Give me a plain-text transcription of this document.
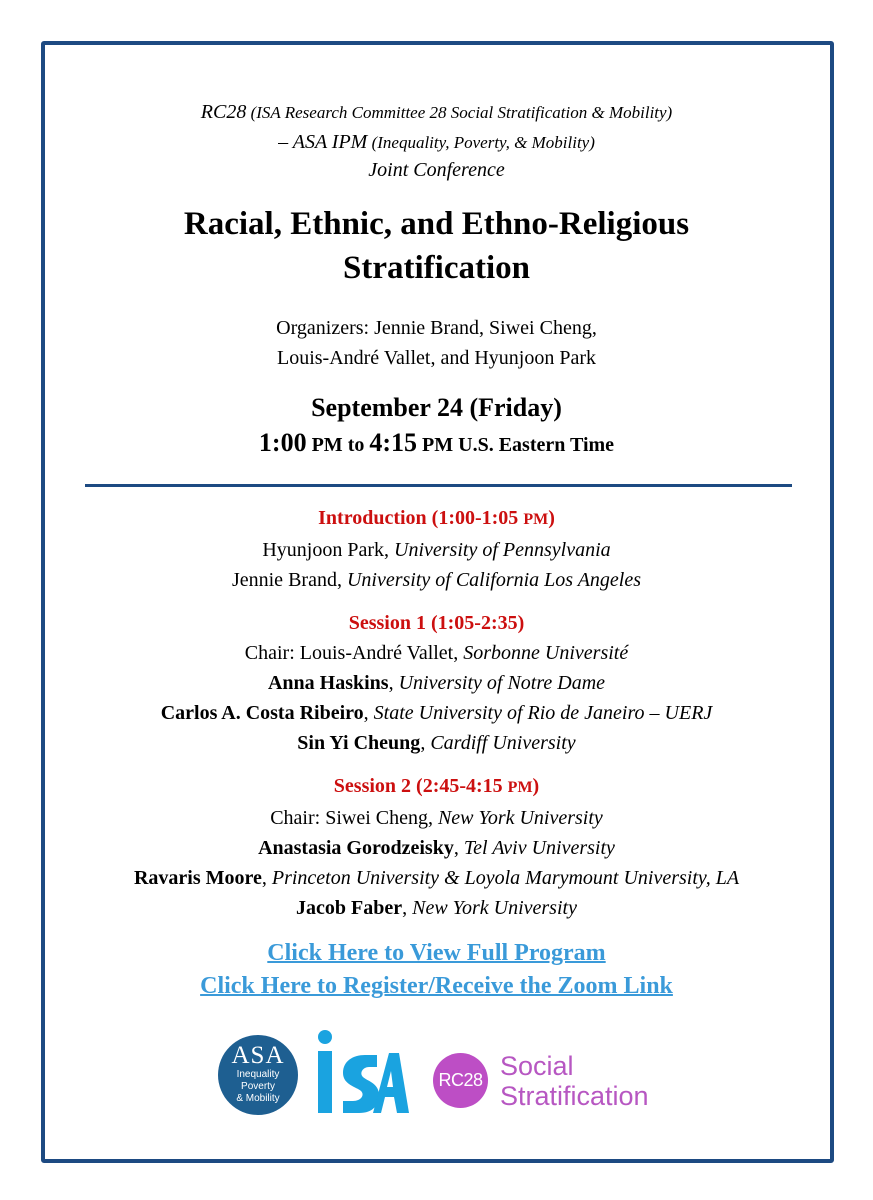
RC28 (ISA Research Committee 28 Social Stratification & Mobility)
– ASA IPM (Inequality, Poverty, & Mobility)
Joint Conference
Racial, Ethnic, and Ethno-Religious
Stratification
Organizers: Jennie Brand, Siwei Cheng,
Louis-André Vallet, and Hyunjoon Park
September 24 (Friday)
1:00 PM to 4:15 PM U.S. Eastern Time
Introduction (1:00-1:05 PM)
Hyunjoon Park, University of Pennsylvania
Jennie Brand, University of California Los Angeles
Session 1 (1:05-2:35)
Chair: Louis-André Vallet, Sorbonne Université
Anna Haskins, University of Notre Dame
Carlos A. Costa Ribeiro, State University of Rio de Janeiro – UERJ
Sin Yi Cheung, Cardiff University
Session 2 (2:45-4:15 PM)
Chair: Siwei Cheng, New York University
Anastasia Gorodzeisky, Tel Aviv University
Ravaris Moore, Princeton University & Loyola Marymount University, LA
Jacob Faber, New York University
Click Here to View Full Program
Click Here to Register/Receive the Zoom Link
ASA
Inequality
Poverty
& Mobility
RC28 Social
Stratification
